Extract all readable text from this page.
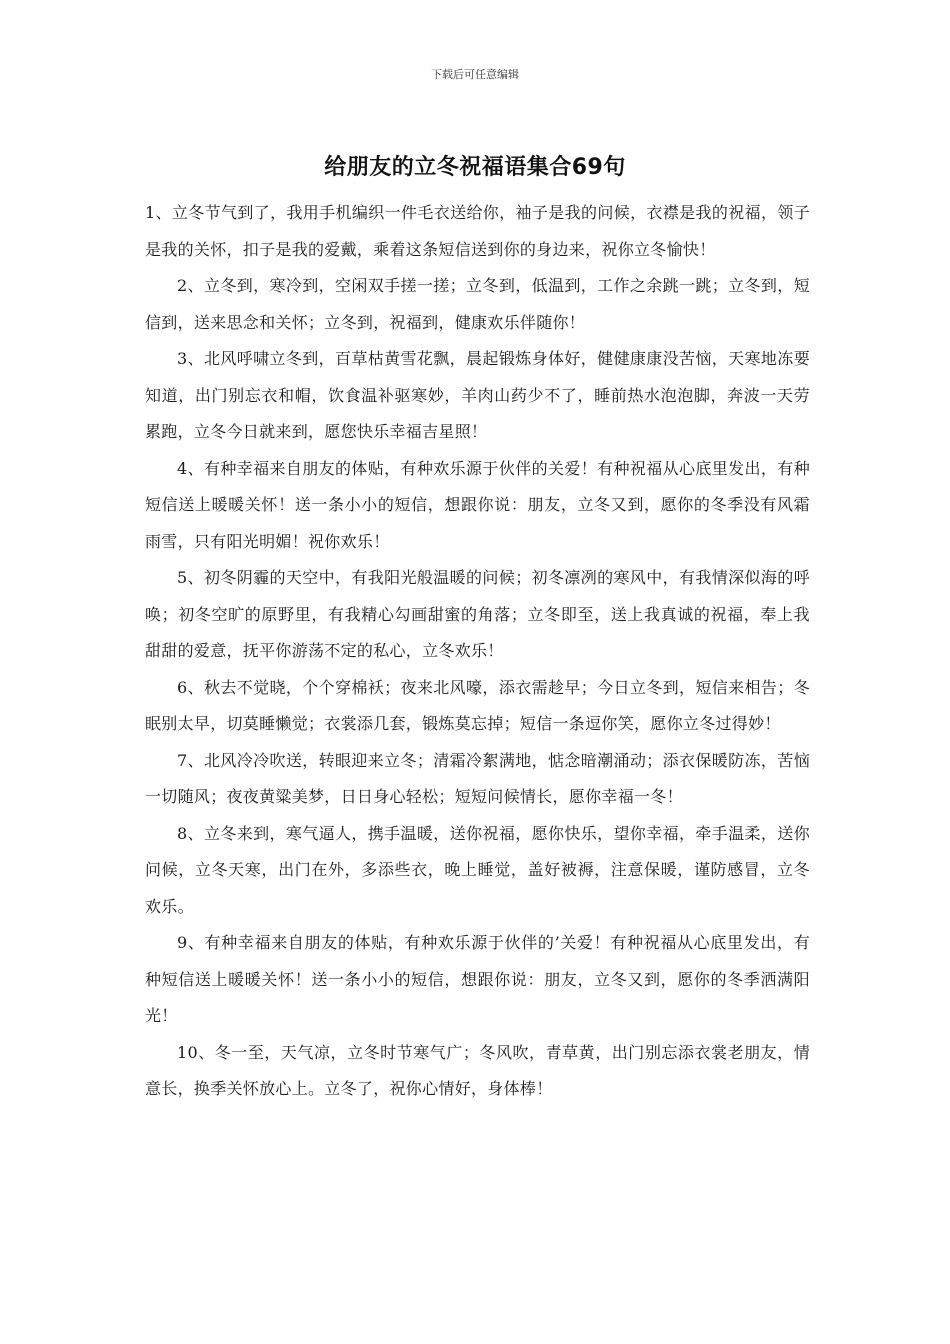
下载后可任意编辑
给朋友的立冬祝福语集合69句

1、立冬节气到了，我用手机编织一件毛衣送给你，袖子是我的问候，衣襟是我的祝福，领子是我的关怀，扣子是我的爱戴，乘着这条短信送到你的身边来，祝你立冬愉快！

2、立冬到，寒冷到，空闲双手搓一搓；立冬到，低温到，工作之余跳一跳；立冬到，短信到，送来思念和关怀；立冬到，祝福到，健康欢乐伴随你！

3、北风呼啸立冬到，百草枯黄雪花飘，晨起锻炼身体好，健健康康没苦恼，天寒地冻要知道，出门别忘衣和帽，饮食温补驱寒妙，羊肉山药少不了，睡前热水泡泡脚，奔波一天劳累跑，立冬今日就来到，愿您快乐幸福吉星照！

4、有种幸福来自朋友的体贴，有种欢乐源于伙伴的关爱！有种祝福从心底里发出，有种短信送上暖暖关怀！送一条小小的短信，想跟你说：朋友，立冬又到，愿你的冬季没有风霜雨雪，只有阳光明媚！祝你欢乐！

5、初冬阴霾的天空中，有我阳光般温暖的问候；初冬凛冽的寒风中，有我情深似海的呼唤；初冬空旷的原野里，有我精心勾画甜蜜的角落；立冬即至，送上我真诚的祝福，奉上我甜甜的爱意，抚平你游荡不定的私心，立冬欢乐！

6、秋去不觉晓，个个穿棉袄；夜来北风嚎，添衣需趁早；今日立冬到，短信来相告；冬眠别太早，切莫睡懒觉；衣裳添几套，锻炼莫忘掉；短信一条逗你笑，愿你立冬过得妙！

7、北风冷冷吹送，转眼迎来立冬；清霜冷絮满地，惦念暗潮涌动；添衣保暖防冻，苦恼一切随风；夜夜黄粱美梦，日日身心轻松；短短问候情长，愿你幸福一冬！

8、立冬来到，寒气逼人，携手温暖，送你祝福，愿你快乐，望你幸福，牵手温柔，送你问候，立冬天寒，出门在外，多添些衣，晚上睡觉，盖好被褥，注意保暖，谨防感冒，立冬欢乐。

9、有种幸福来自朋友的体贴，有种欢乐源于伙伴的’关爱！有种祝福从心底里发出，有种短信送上暖暖关怀！送一条小小的短信，想跟你说：朋友，立冬又到，愿你的冬季洒满阳光！

10、冬一至，天气凉，立冬时节寒气广；冬风吹，青草黄，出门别忘添衣裳老朋友，情意长，换季关怀放心上。立冬了，祝你心情好，身体棒！
